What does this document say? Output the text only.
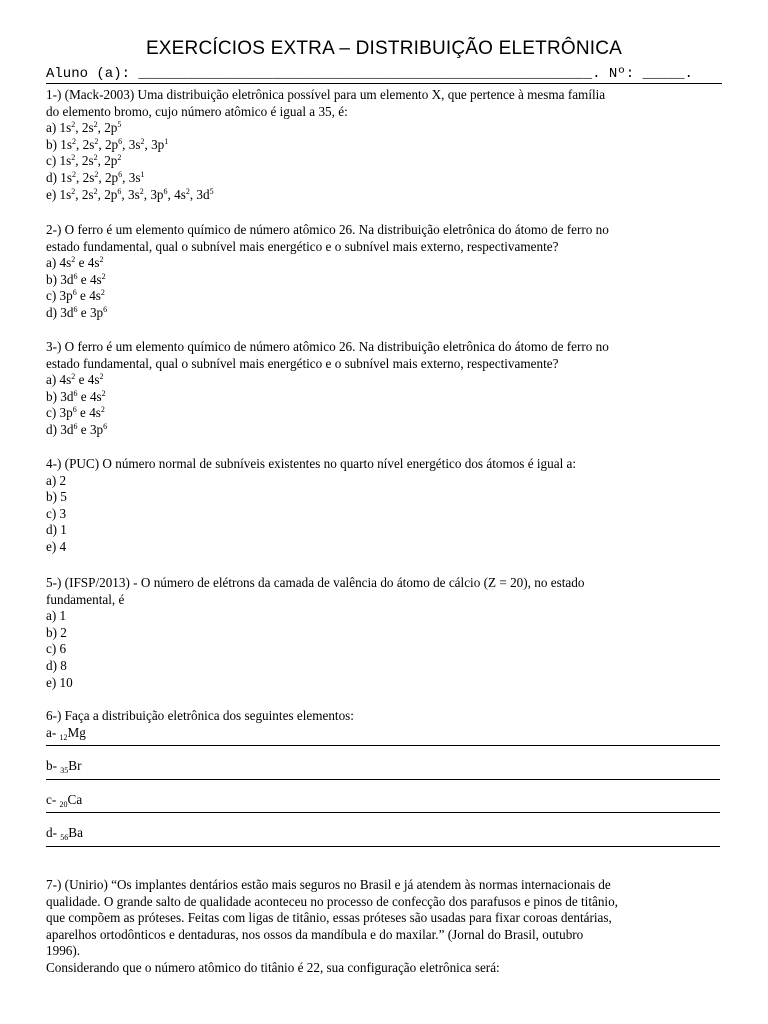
EXERCÍCIOS EXTRA – DISTRIBUIÇÃO ELETRÔNICA
Aluno (a): ______________________________________________________. Nº: _____.
1-) (Mack-2003) Uma distribuição eletrônica possível para um elemento X, que pertence à mesma família
do elemento bromo, cujo número atômico é igual a 35, é:
a) $1s^2$, $2s^2$, $2p^5$
b) $1s^2$, $2s^2$, $2p^6$, $3s^2$, $3p^1$
c) $1s^2$, $2s^2$, $2p^2$
d) $1s^2$, $2s^2$, $2p^6$, $3s^1$
e) $1s^2$, $2s^2$, $2p^6$, $3s^2$, $3p^6$, $4s^2$, $3d^5$
2-) O ferro é um elemento químico de número atômico 26. Na distribuição eletrônica do átomo de ferro no
estado fundamental, qual o subnível mais energético e o subnível mais externo, respectivamente?
a) $4s^2$ e $4s^2$
b) $3d^6$ e $4s^2$
c) $3p^6$ e $4s^2$
d) $3d^6$ e $3p^6$
3-) O ferro é um elemento químico de número atômico 26. Na distribuição eletrônica do átomo de ferro no
estado fundamental, qual o subnível mais energético e o subnível mais externo, respectivamente?
a) $4s^2$ e $4s^2$
b) $3d^6$ e $4s^2$
c) $3p^6$ e $4s^2$
d) $3d^6$ e $3p^6$
4-) (PUC) O número normal de subníveis existentes no quarto nível energético dos átomos é igual a:
a) 2
b) 5
c) 3
d) 1
e) 4
5-) (IFSP/2013) - O número de elétrons da camada de valência do átomo de cálcio (Z = 20), no estado
fundamental, é
a) 1
b) 2
c) 6
d) 8
e) 10
6-) Faça a distribuição eletrônica dos seguintes elementos:
a- $_{12}$Mg
b- $_{35}$Br
c- $_{20}$Ca
d- $_{56}$Ba
7-) (Unirio) “Os implantes dentários estão mais seguros no Brasil e já atendem às normas internacionais de
qualidade. O grande salto de qualidade aconteceu no processo de confecção dos parafusos e pinos de titânio,
que compõem as próteses. Feitas com ligas de titânio, essas próteses são usadas para fixar coroas dentárias,
aparelhos ortodônticos e dentaduras, nos ossos da mandíbula e do maxilar.” (Jornal do Brasil, outubro
1996).
Considerando que o número atômico do titânio é 22, sua configuração eletrônica será:
